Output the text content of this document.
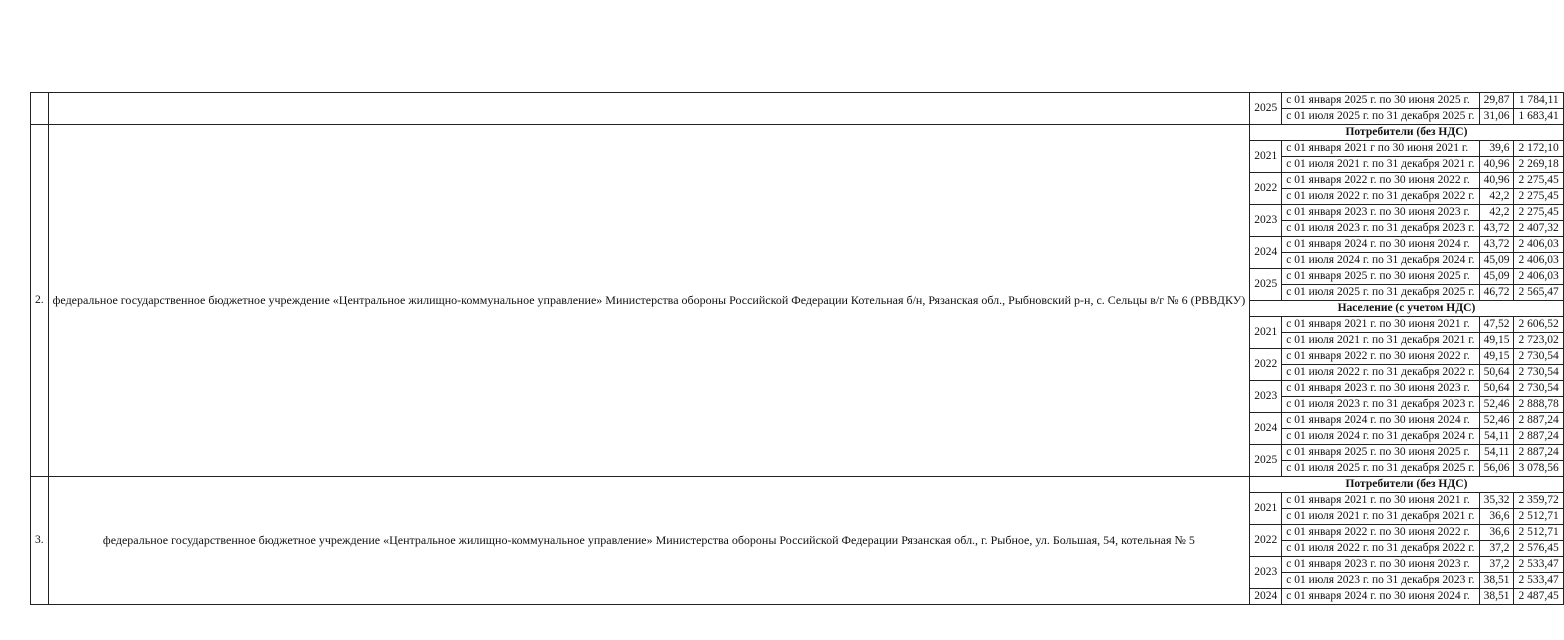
		2025	с 01 января 2025 г. по 30 июня 2025 г.	29,87	1 784,11
			с 01 июля 2025 г. по 31 декабря 2025 г.	31,06	1 683,41
2.	федеральное государственное бюджетное учреждение «Центральное жилищно-коммунальное управление» Министерства обороны Российской Федерации Котельная б/н, Рязанская обл., Рыбновский р-н, с. Сельцы в/г № 6 (РВВДКУ)	Потребители (без НДС)			
		2021	с 01 января 2021 г по 30 июня 2021 г.	39,6	2 172,10
			с 01 июля 2021 г. по 31 декабря 2021 г.	40,96	2 269,18
		2022	с 01 января 2022 г. по 30 июня 2022 г.	40,96	2 275,45
			с 01 июля 2022 г. по 31 декабря 2022 г.	42,2	2 275,45
		2023	с 01 января 2023 г. по 30 июня 2023 г.	42,2	2 275,45
			с 01 июля 2023 г. по 31 декабря 2023 г.	43,72	2 407,32
		2024	с 01 января 2024 г. по 30 июня 2024 г.	43,72	2 406,03
			с 01 июля 2024 г. по 31 декабря 2024 г.	45,09	2 406,03
		2025	с 01 января 2025 г. по 30 июня 2025 г.	45,09	2 406,03
			с 01 июля 2025 г. по 31 декабря 2025 г.	46,72	2 565,47
		Население (с учетом НДС)			
		2021	с 01 января 2021 г. по 30 июня 2021 г.	47,52	2 606,52
			с 01 июля 2021 г. по 31 декабря 2021 г.	49,15	2 723,02
		2022	с 01 января 2022 г. по 30 июня 2022 г.	49,15	2 730,54
			с 01 июля 2022 г. по 31 декабря 2022 г.	50,64	2 730,54
		2023	с 01 января 2023 г. по 30 июня 2023 г.	50,64	2 730,54
			с 01 июля 2023 г. по 31 декабря 2023 г.	52,46	2 888,78
		2024	с 01 января 2024 г. по 30 июня 2024 г.	52,46	2 887,24
			с 01 июля 2024 г. по 31 декабря 2024 г.	54,11	2 887,24
		2025	с 01 января 2025 г. по 30 июня 2025 г.	54,11	2 887,24
			с 01 июля 2025 г. по 31 декабря 2025 г.	56,06	3 078,56
3.	федеральное государственное бюджетное учреждение «Центральное жилищно-коммунальное управление» Министерства обороны Российской Федерации Рязанская обл., г. Рыбное, ул. Большая, 54, котельная № 5	Потребители (без НДС)			
		2021	с 01 января 2021 г. по 30 июня 2021 г.	35,32	2 359,72
			с 01 июля 2021 г. по 31 декабря 2021 г.	36,6	2 512,71
		2022	с 01 января 2022 г. по 30 июня 2022 г.	36,6	2 512,71
			с 01 июля 2022 г. по 31 декабря 2022 г.	37,2	2 576,45
		2023	с 01 января 2023 г. по 30 июня 2023 г.	37,2	2 533,47
			с 01 июля 2023 г. по 31 декабря 2023 г.	38,51	2 533,47
		2024	с 01 января 2024 г. по 30 июня 2024 г.	38,51	2 487,45
